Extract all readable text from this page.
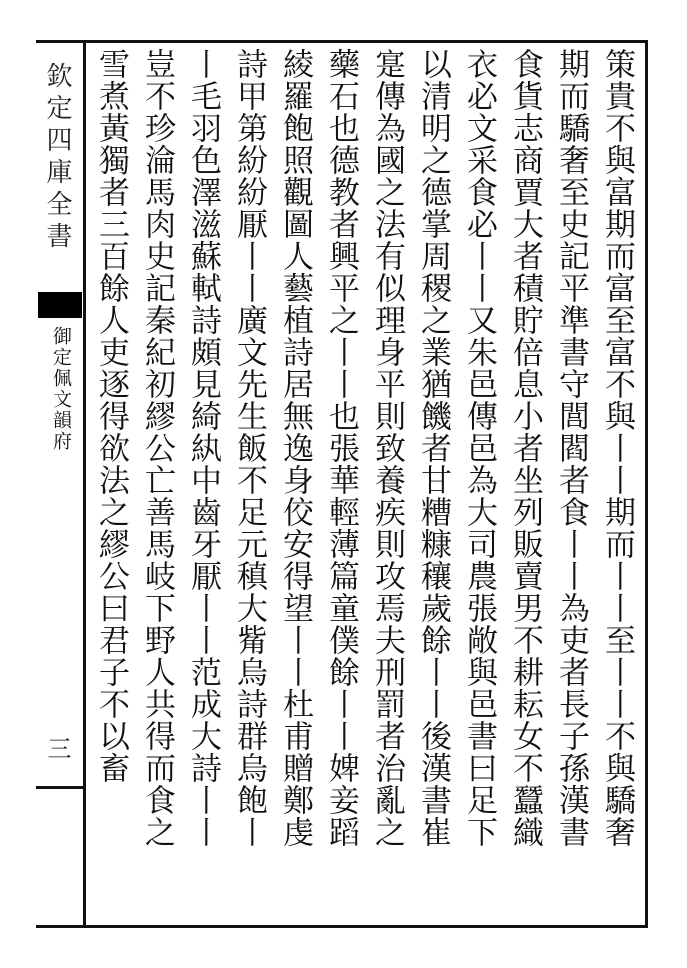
欽定四庫全書
御定佩文韻府
三	策貴不與富期而富至富不與丨丨期而丨丨至丨丨不與驕奢
期而驕奢至史記平準書守閭閻者食丨丨為吏者長子孫漢書
食貨志商賈大者積貯倍息小者坐列販賣男不耕耘女不蠶織
衣必文采食必丨丨又朱邑傳邑為大司農張敞與邑書曰足下
以清明之德掌周稷之業猶饑者甘糟糠穰歲餘丨丨後漢書崔
寔傳為國之法有似理身平則致養疾則攻焉夫刑罰者治亂之
藥石也德教者興平之丨丨也張華輕薄篇童僕餘丨丨婢妾蹈
綾羅飽照觀圖人藝植詩居無逸身佼安得望丨丨杜甫贈鄭虔
詩甲第紛紛厭丨丨廣文先生飯不足元稹大觜烏詩群烏飽丨
丨毛羽色澤滋蘇軾詩頗見綺紈中齒牙厭丨丨范成大詩丨丨
豈不珍淪馬肉史記秦紀初繆公亡善馬岐下野人共得而食之
雪煮黃獨者三百餘人吏逐得欲法之繆公曰君子不以畜
